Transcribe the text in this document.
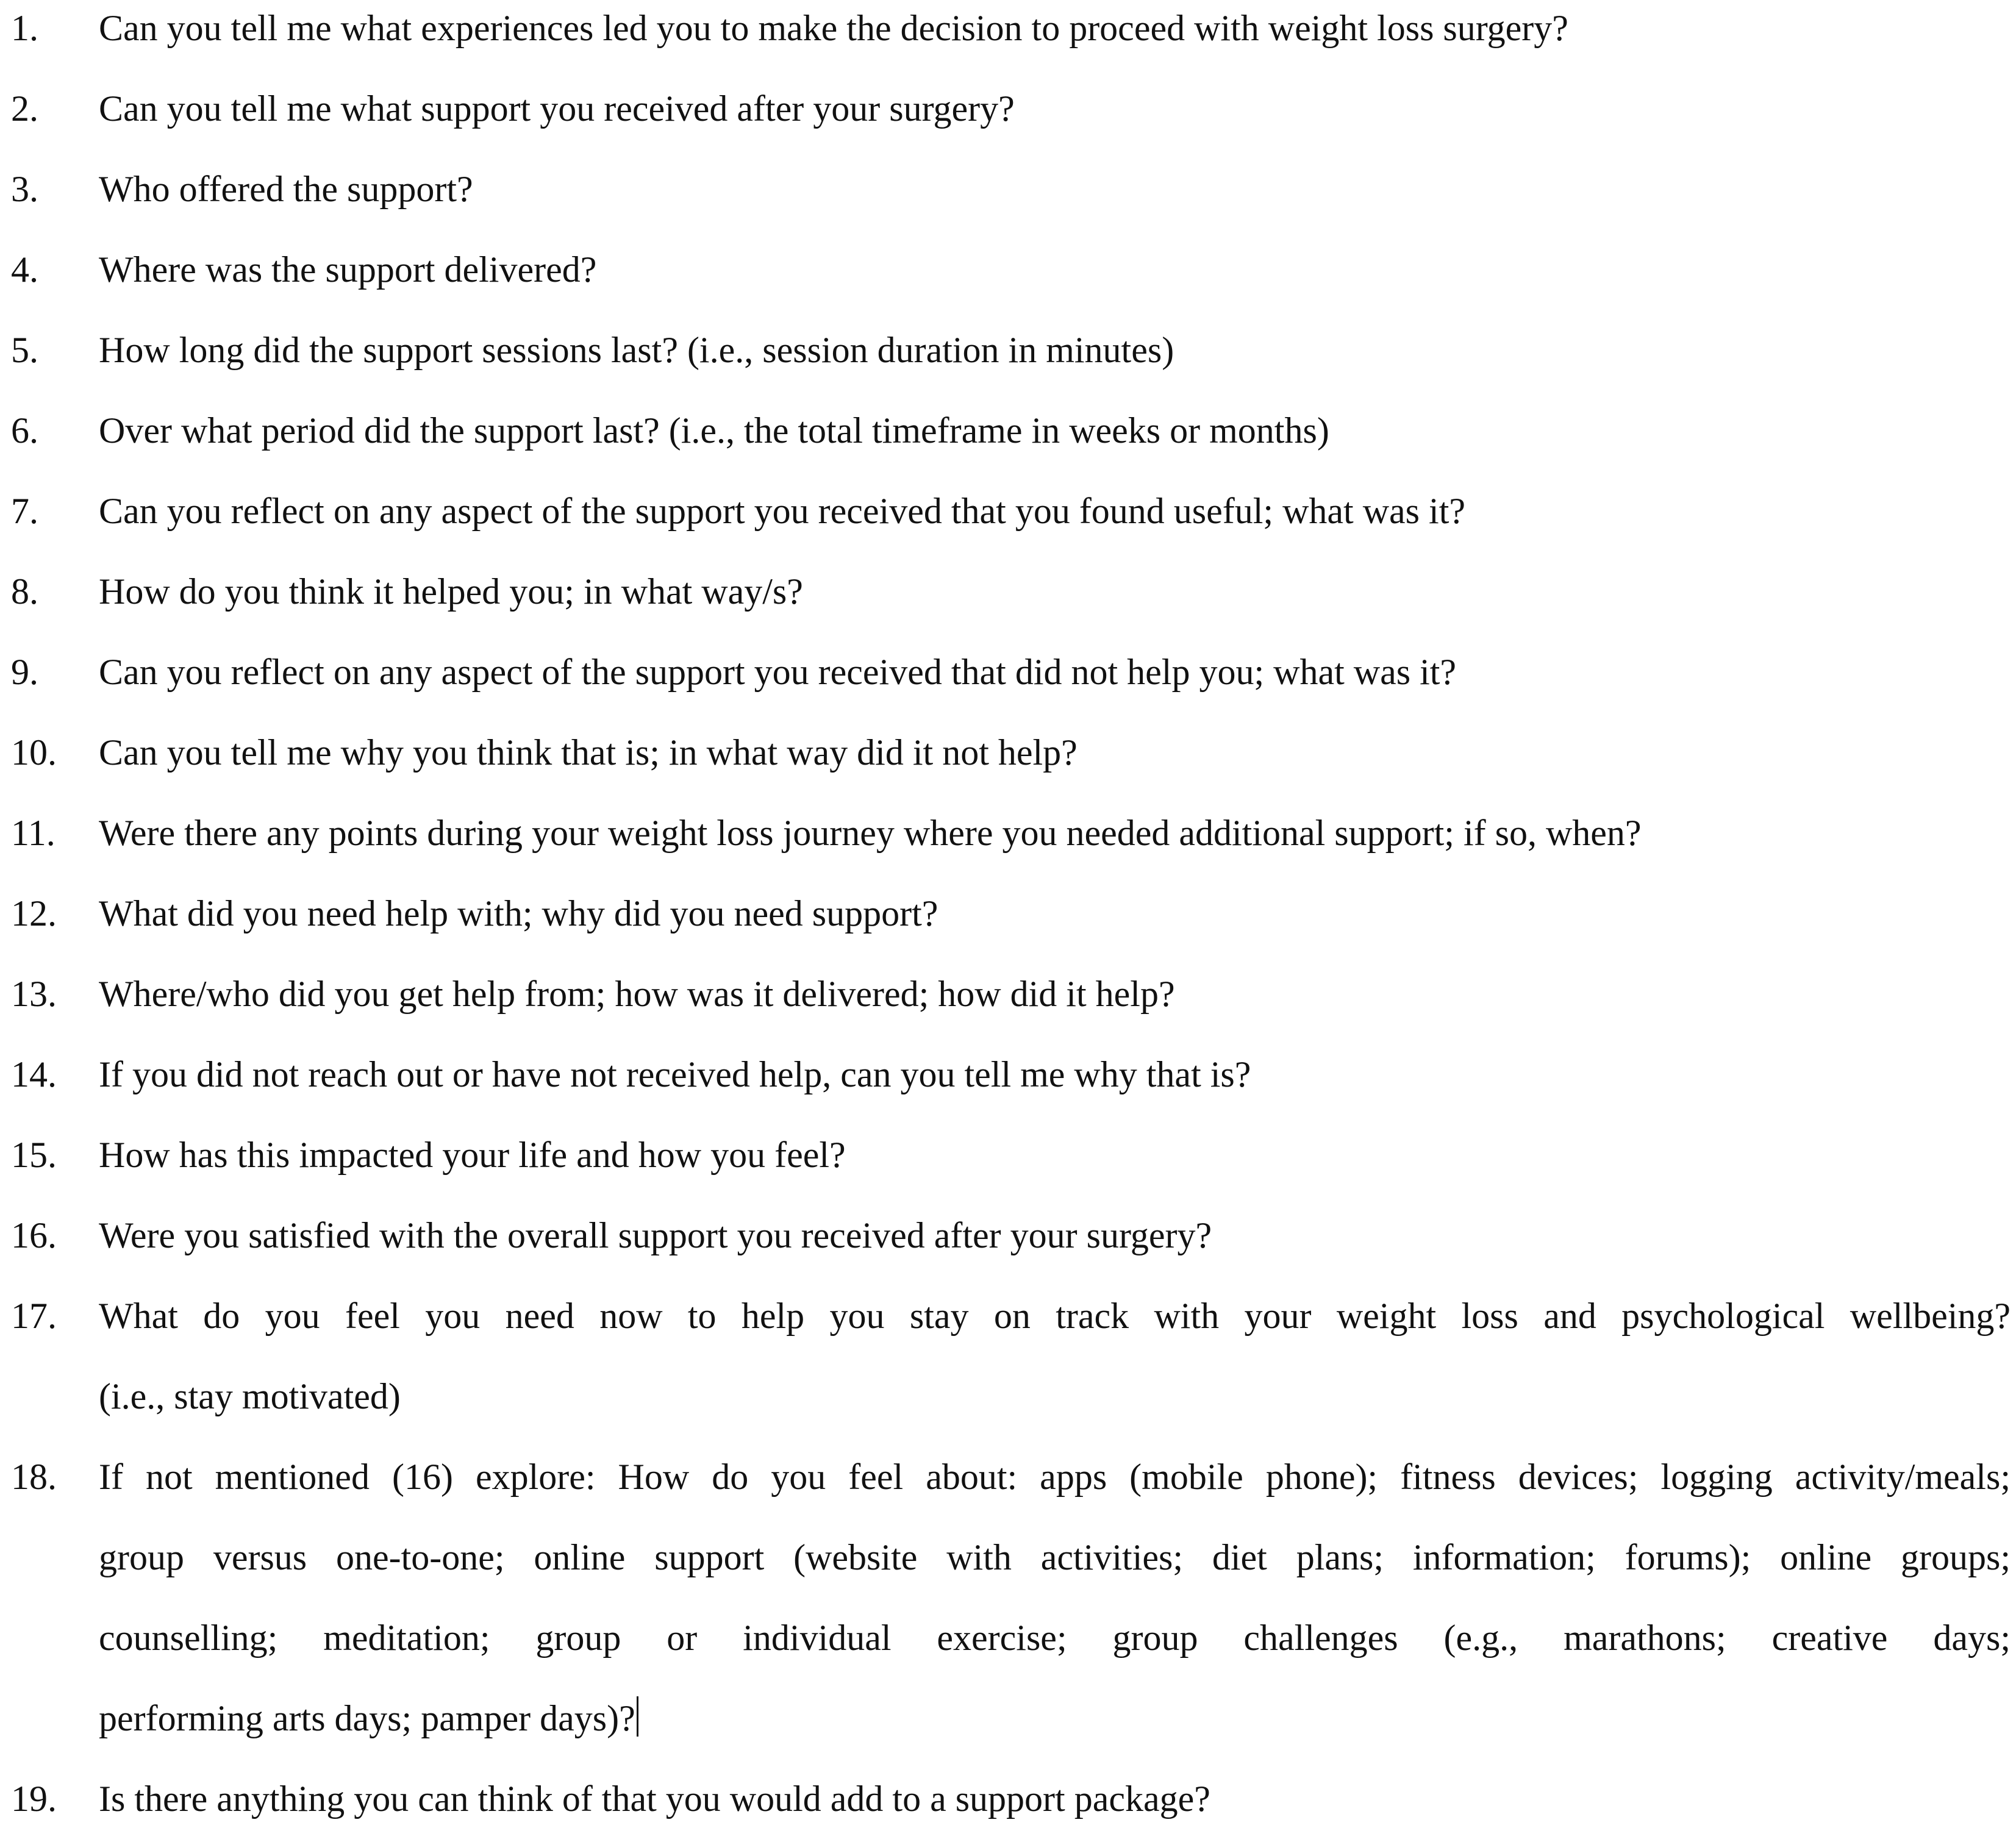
1. Can you tell me what experiences led you to make the decision to proceed with weight loss surgery?
2. Can you tell me what support you received after your surgery?
3. Who offered the support?
4. Where was the support delivered?
5. How long did the support sessions last? (i.e., session duration in minutes)
6. Over what period did the support last? (i.e., the total timeframe in weeks or months)
7. Can you reflect on any aspect of the support you received that you found useful; what was it?
8. How do you think it helped you; in what way/s?
9. Can you reflect on any aspect of the support you received that did not help you; what was it?
10. Can you tell me why you think that is; in what way did it not help?
11. Were there any points during your weight loss journey where you needed additional support; if so, when?
12. What did you need help with; why did you need support?
13. Where/who did you get help from; how was it delivered; how did it help?
14. If you did not reach out or have not received help, can you tell me why that is?
15. How has this impacted your life and how you feel?
16. Were you satisfied with the overall support you received after your surgery?
17. What do you feel you need now to help you stay on track with your weight loss and psychological wellbeing?
(i.e., stay motivated)
18. If not mentioned (16) explore: How do you feel about: apps (mobile phone); fitness devices; logging activity/meals;
group versus one-to-one; online support (website with activities; diet plans; information; forums); online groups;
counselling; meditation; group or individual exercise; group challenges (e.g., marathons; creative days;
performing arts days; pamper days)?
19. Is there anything you can think of that you would add to a support package?
